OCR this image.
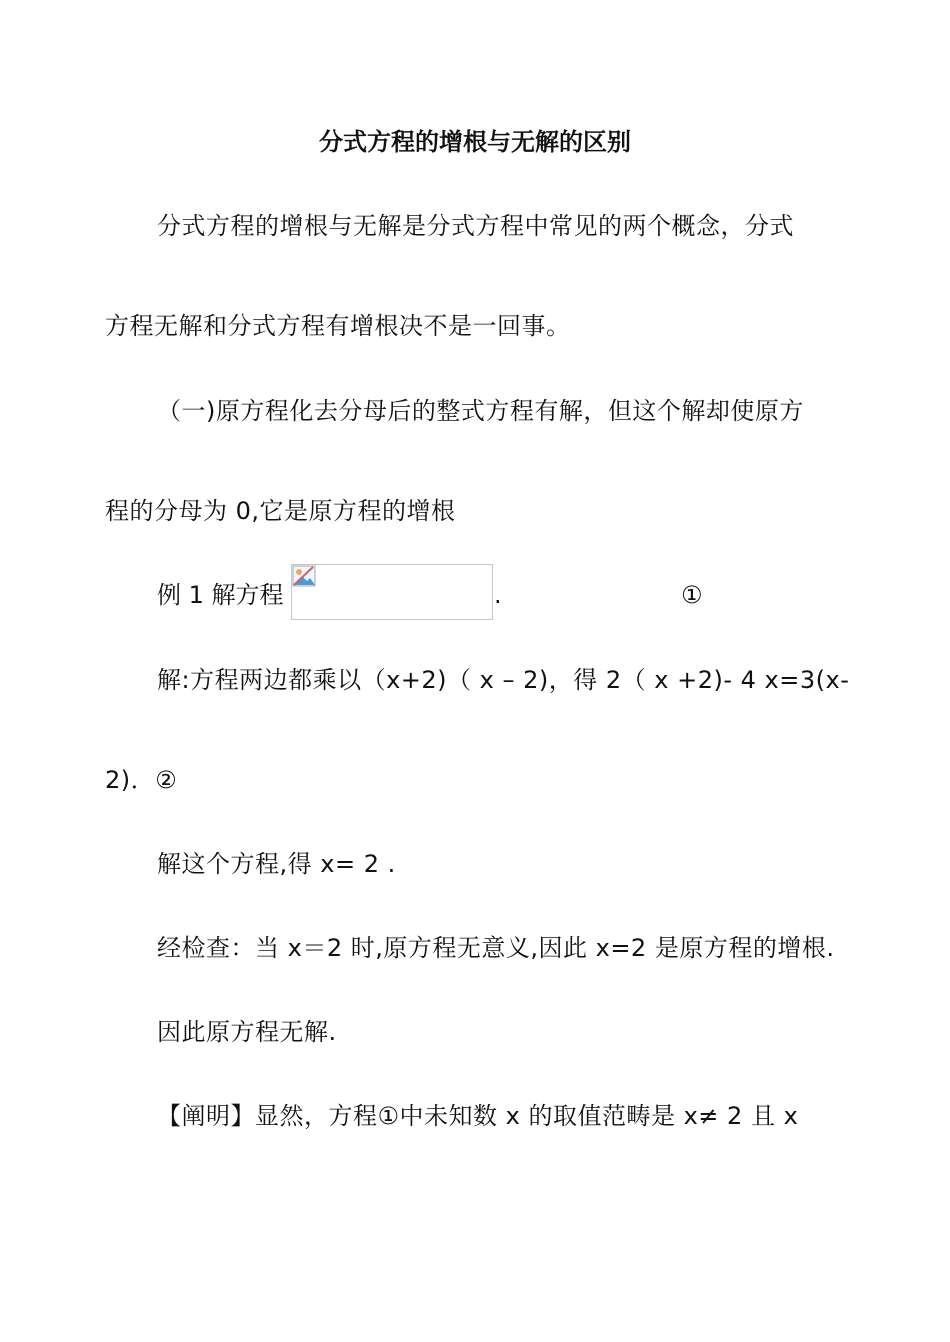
分式方程的增根与无解的区别
分式方程的增根与无解是分式方程中常见的两个概念，分式
方程无解和分式方程有增根决不是一回事。
（一)原方程化去分母后的整式方程有解，但这个解却使原方
程的分母为 0,它是原方程的增根
例 1 解方程	.	①
解:方程两边都乘以（x+2)（ x – 2)，得 2（ x +2)- 4 x=3(x-
2)．②
解这个方程,得 x= 2 .
经检查：当 x＝2 时,原方程无意义,因此 x=2 是原方程的增根.
因此原方程无解.
【阐明】显然，方程①中未知数 x 的取值范畴是 x≠ 2 且 x
